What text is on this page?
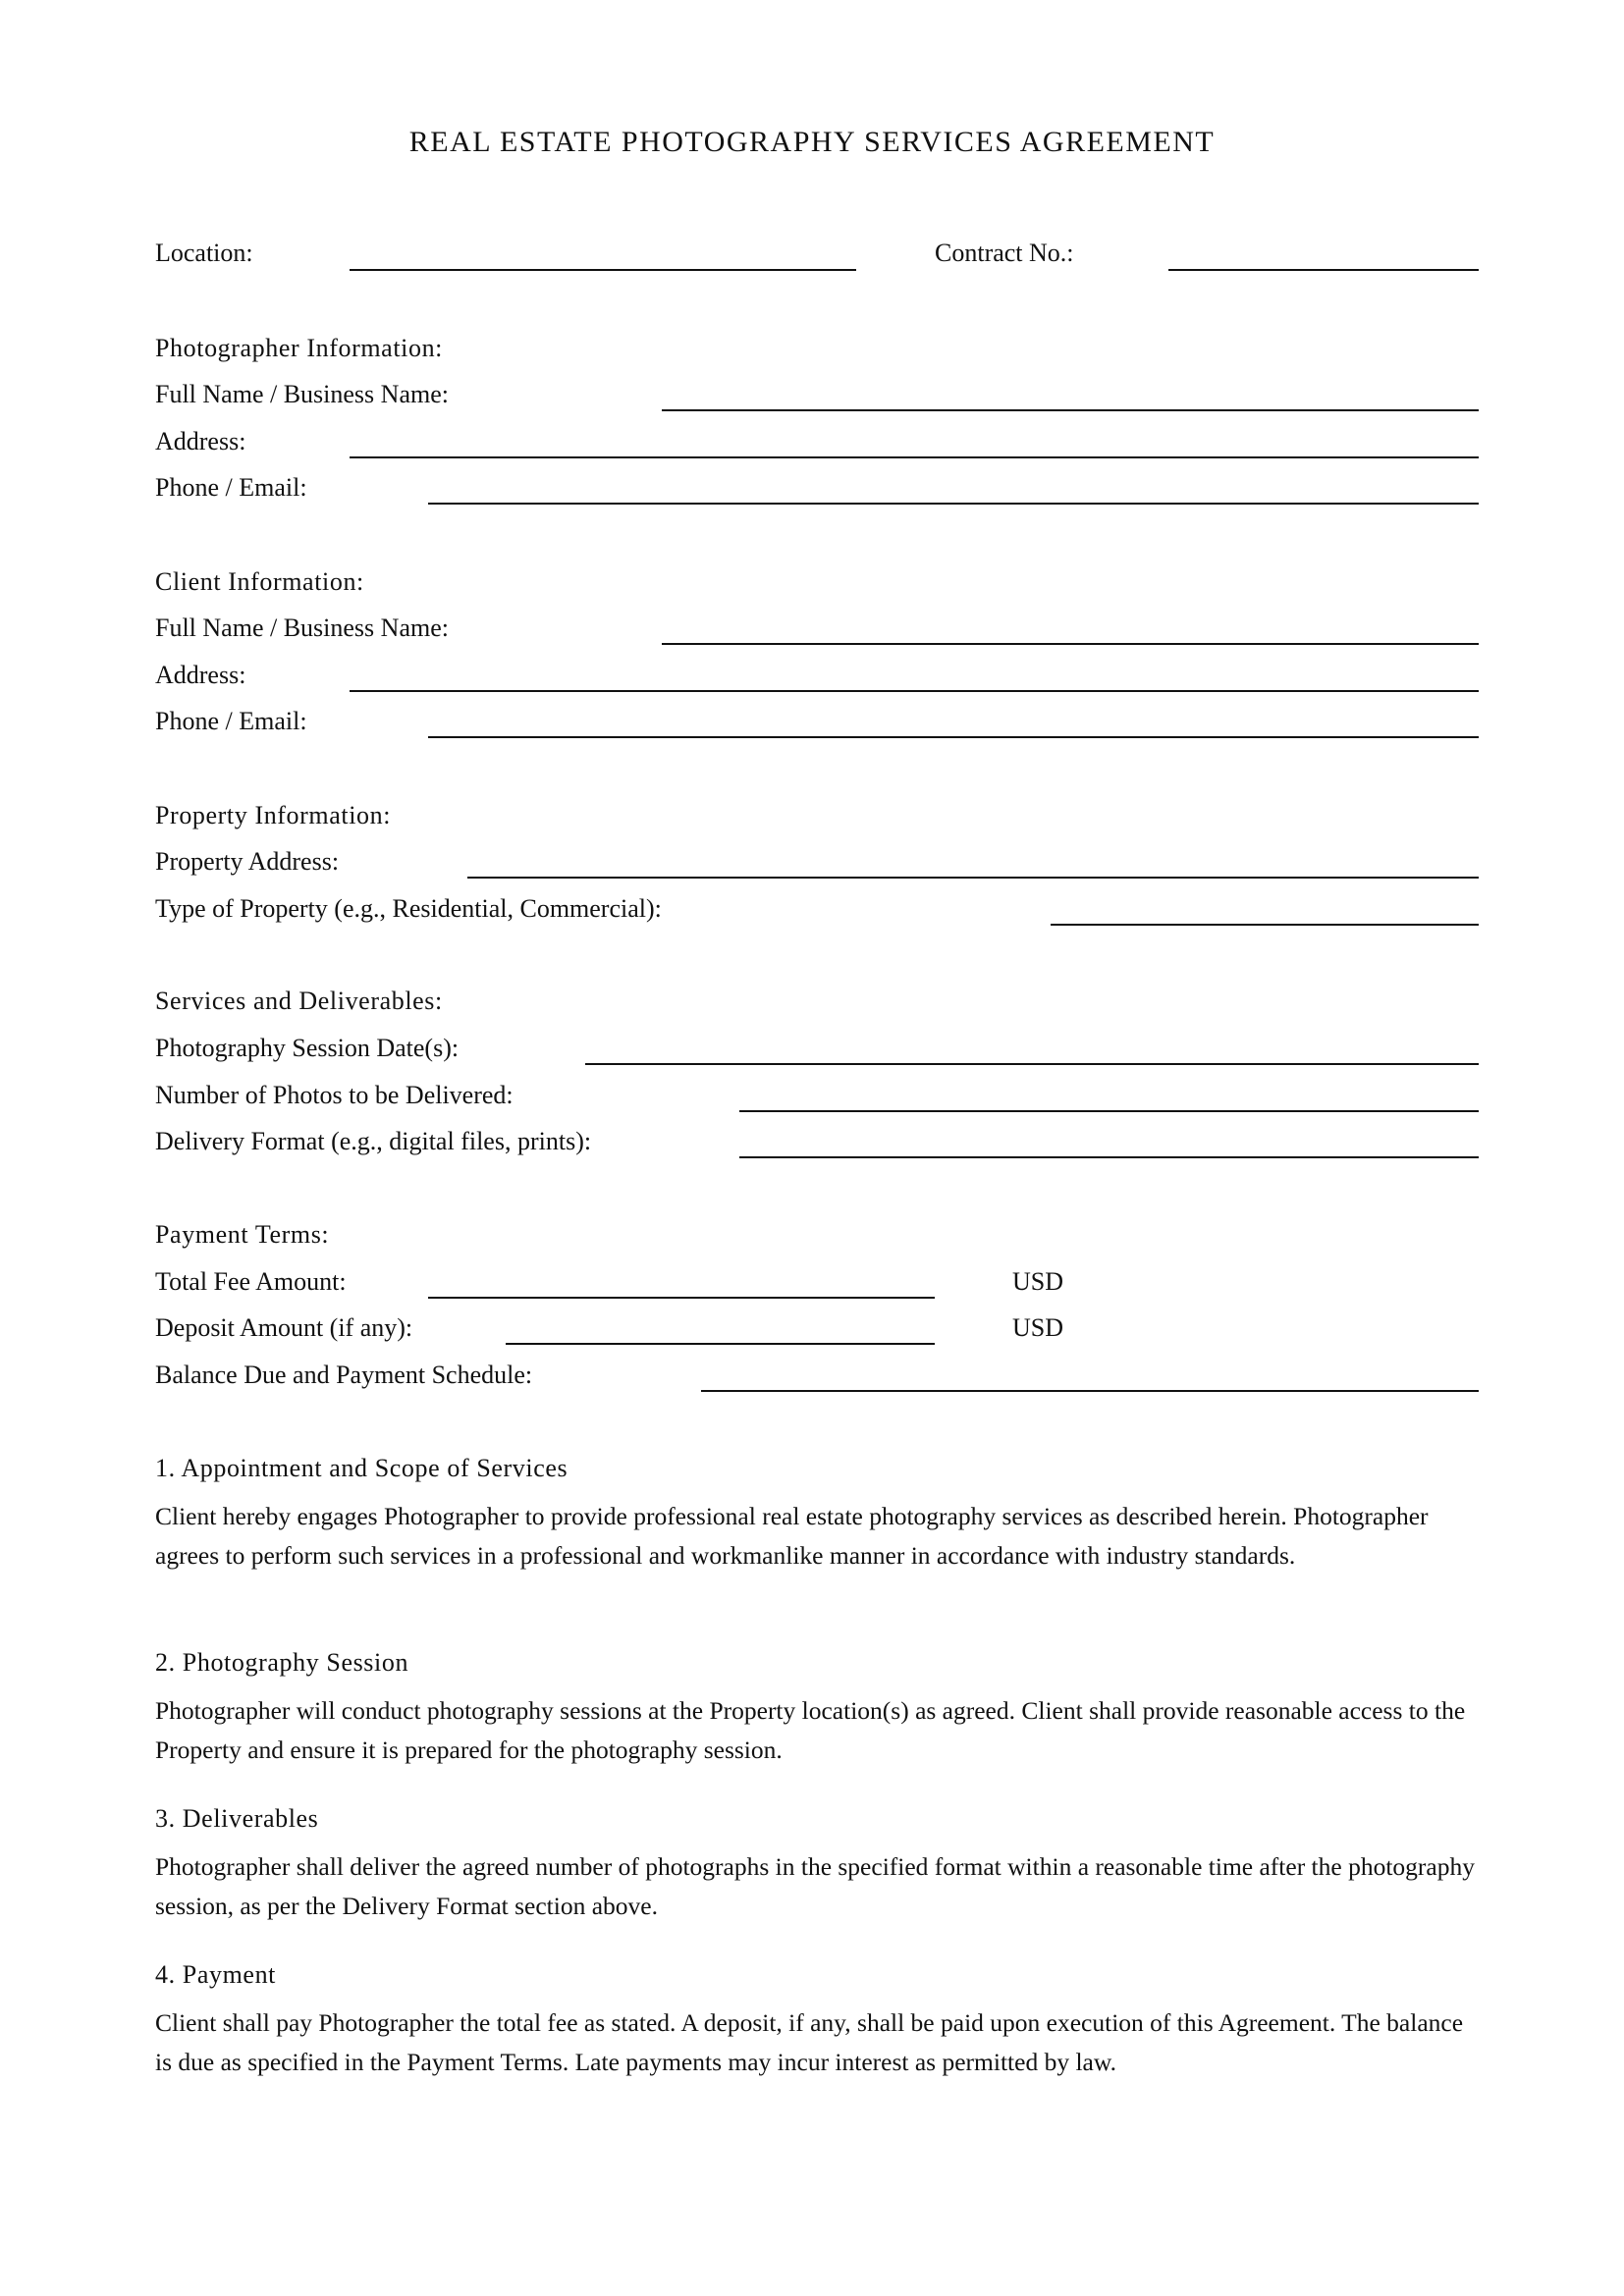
REAL ESTATE PHOTOGRAPHY SERVICES AGREEMENT
Location:	Contract No.:
Photographer Information:
Full Name / Business Name:
Address:
Phone / Email:
Client Information:
Full Name / Business Name:
Address:
Phone / Email:
Property Information:
Property Address:
Type of Property (e.g., Residential, Commercial):
Services and Deliverables:
Photography Session Date(s):
Number of Photos to be Delivered:
Delivery Format (e.g., digital files, prints):
Payment Terms:
Total Fee Amount:	USD
Deposit Amount (if any):	USD
Balance Due and Payment Schedule:
1. Appointment and Scope of Services
Client hereby engages Photographer to provide professional real estate photography services as described herein. Photographer agrees to perform such services in a professional and workmanlike manner in accordance with industry standards.
2. Photography Session
Photographer will conduct photography sessions at the Property location(s) as agreed. Client shall provide reasonable access to the Property and ensure it is prepared for the photography session.
3. Deliverables
Photographer shall deliver the agreed number of photographs in the specified format within a reasonable time after the photography session, as per the Delivery Format section above.
4. Payment
Client shall pay Photographer the total fee as stated. A deposit, if any, shall be paid upon execution of this Agreement. The balance is due as specified in the Payment Terms. Late payments may incur interest as permitted by law.
